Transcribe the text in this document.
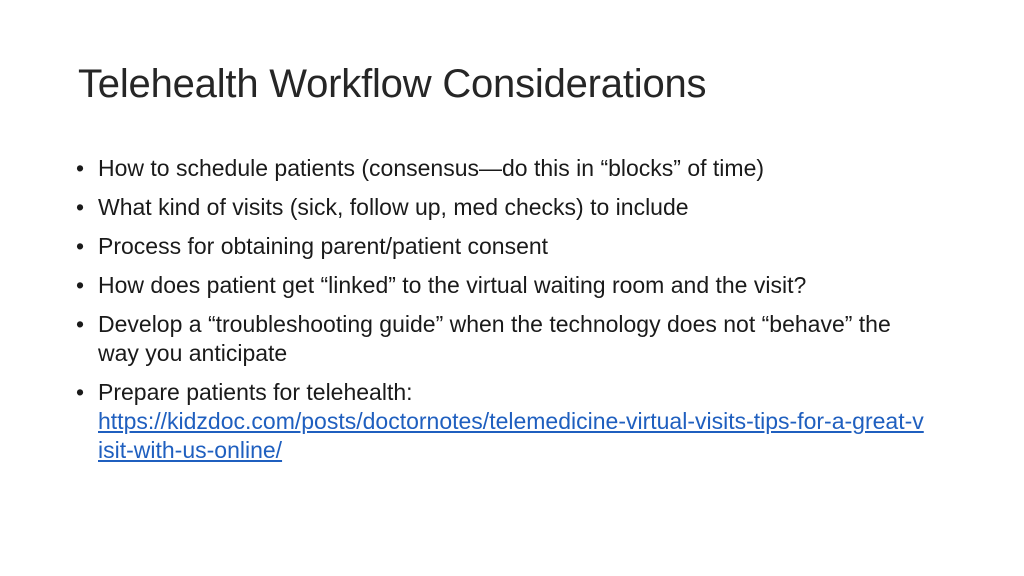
Telehealth Workflow Considerations
• How to schedule patients (consensus—do this in “blocks” of time)
• What kind of visits (sick, follow up, med checks) to include
• Process for obtaining parent/patient consent
• How does patient get “linked” to the virtual waiting room and the visit?
• Develop a “troubleshooting guide” when the technology does not “behave” the way you anticipate
• Prepare patients for telehealth:
https://kidzdoc.com/posts/doctornotes/telemedicine-virtual-visits-tips-for-a-great-visit-with-us-online/
